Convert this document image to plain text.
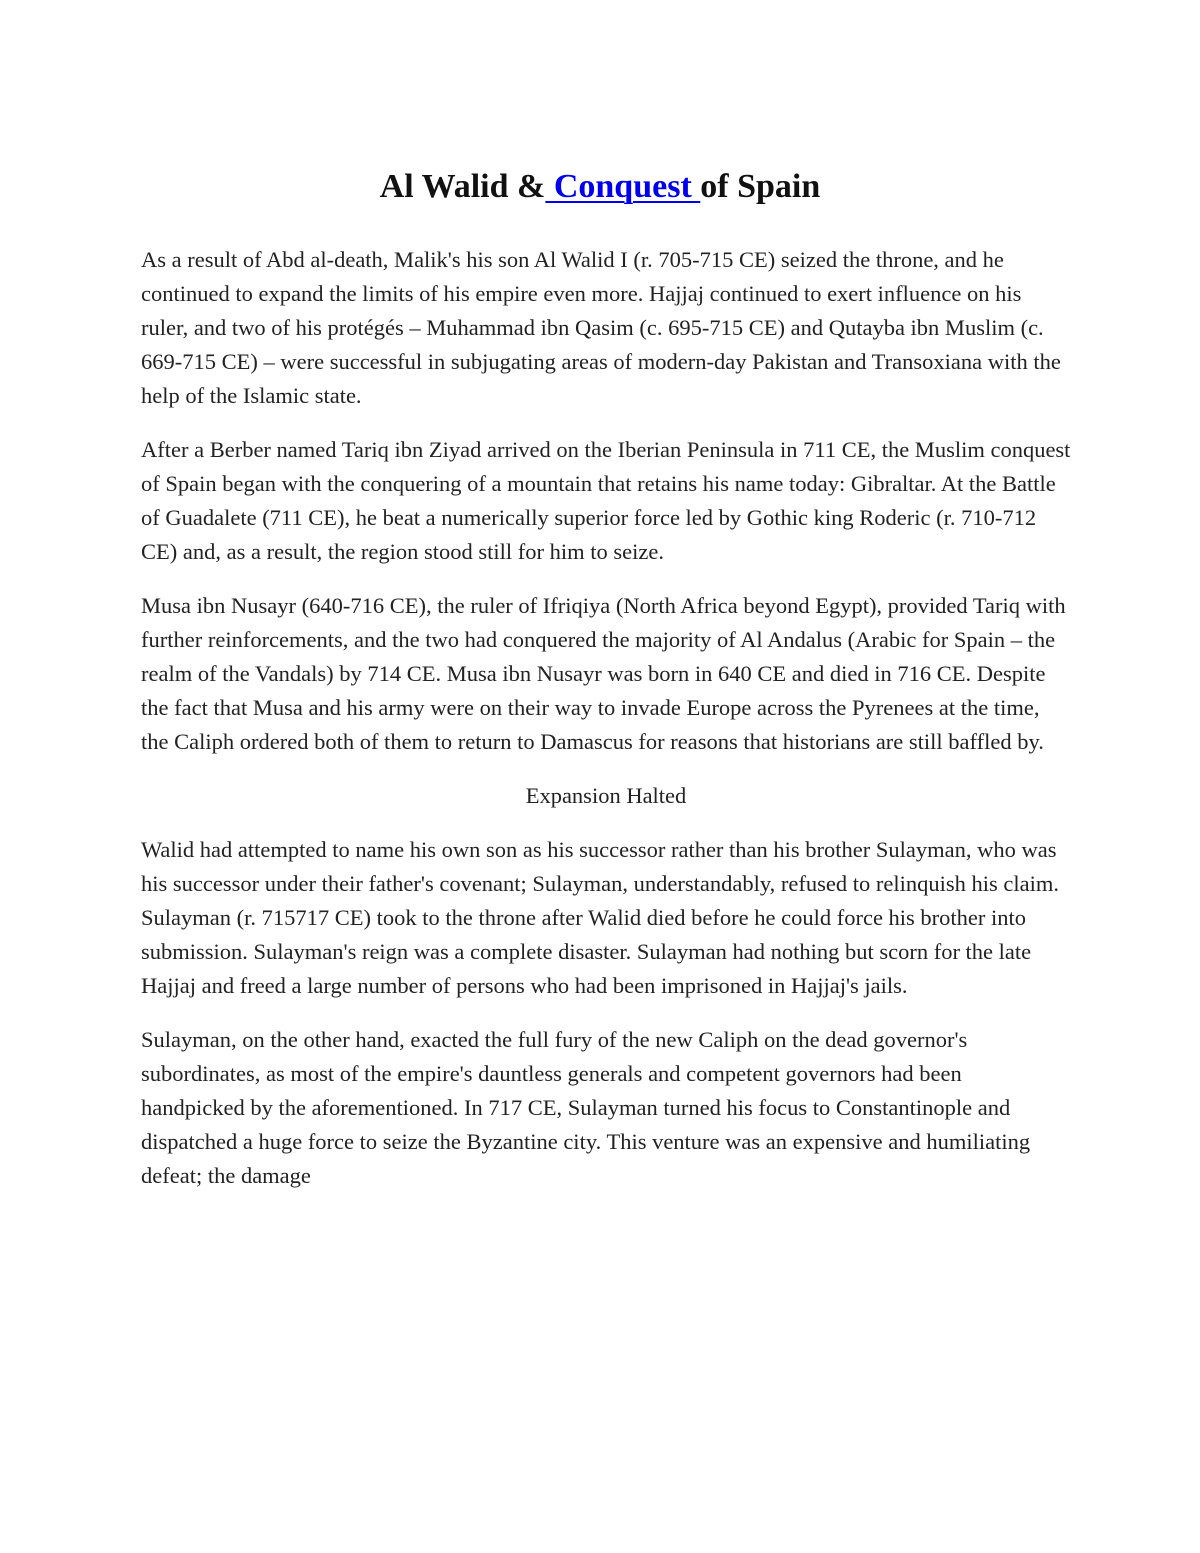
Al Walid & Conquest of Spain

As a result of Abd al-death, Malik's his son Al Walid I (r. 705-715 CE) seized the throne, and he continued to expand the limits of his empire even more. Hajjaj continued to exert influence on his ruler, and two of his protégés – Muhammad ibn Qasim (c. 695-715 CE) and Qutayba ibn Muslim (c. 669-715 CE) – were successful in subjugating areas of modern-day Pakistan and Transoxiana with the help of the Islamic state.

After a Berber named Tariq ibn Ziyad arrived on the Iberian Peninsula in 711 CE, the Muslim conquest of Spain began with the conquering of a mountain that retains his name today: Gibraltar. At the Battle of Guadalete (711 CE), he beat a numerically superior force led by Gothic king Roderic (r. 710-712 CE) and, as a result, the region stood still for him to seize.

Musa ibn Nusayr (640-716 CE), the ruler of Ifriqiya (North Africa beyond Egypt), provided Tariq with further reinforcements, and the two had conquered the majority of Al Andalus (Arabic for Spain – the realm of the Vandals) by 714 CE. Musa ibn Nusayr was born in 640 CE and died in 716 CE. Despite the fact that Musa and his army were on their way to invade Europe across the Pyrenees at the time, the Caliph ordered both of them to return to Damascus for reasons that historians are still baffled by.

Expansion Halted

Walid had attempted to name his own son as his successor rather than his brother Sulayman, who was his successor under their father's covenant; Sulayman, understandably, refused to relinquish his claim. Sulayman (r. 715717 CE) took to the throne after Walid died before he could force his brother into submission. Sulayman's reign was a complete disaster. Sulayman had nothing but scorn for the late Hajjaj and freed a large number of persons who had been imprisoned in Hajjaj's jails.

Sulayman, on the other hand, exacted the full fury of the new Caliph on the dead governor's subordinates, as most of the empire's dauntless generals and competent governors had been handpicked by the aforementioned. In 717 CE, Sulayman turned his focus to Constantinople and dispatched a huge force to seize the Byzantine city. This venture was an expensive and humiliating defeat; the damage
